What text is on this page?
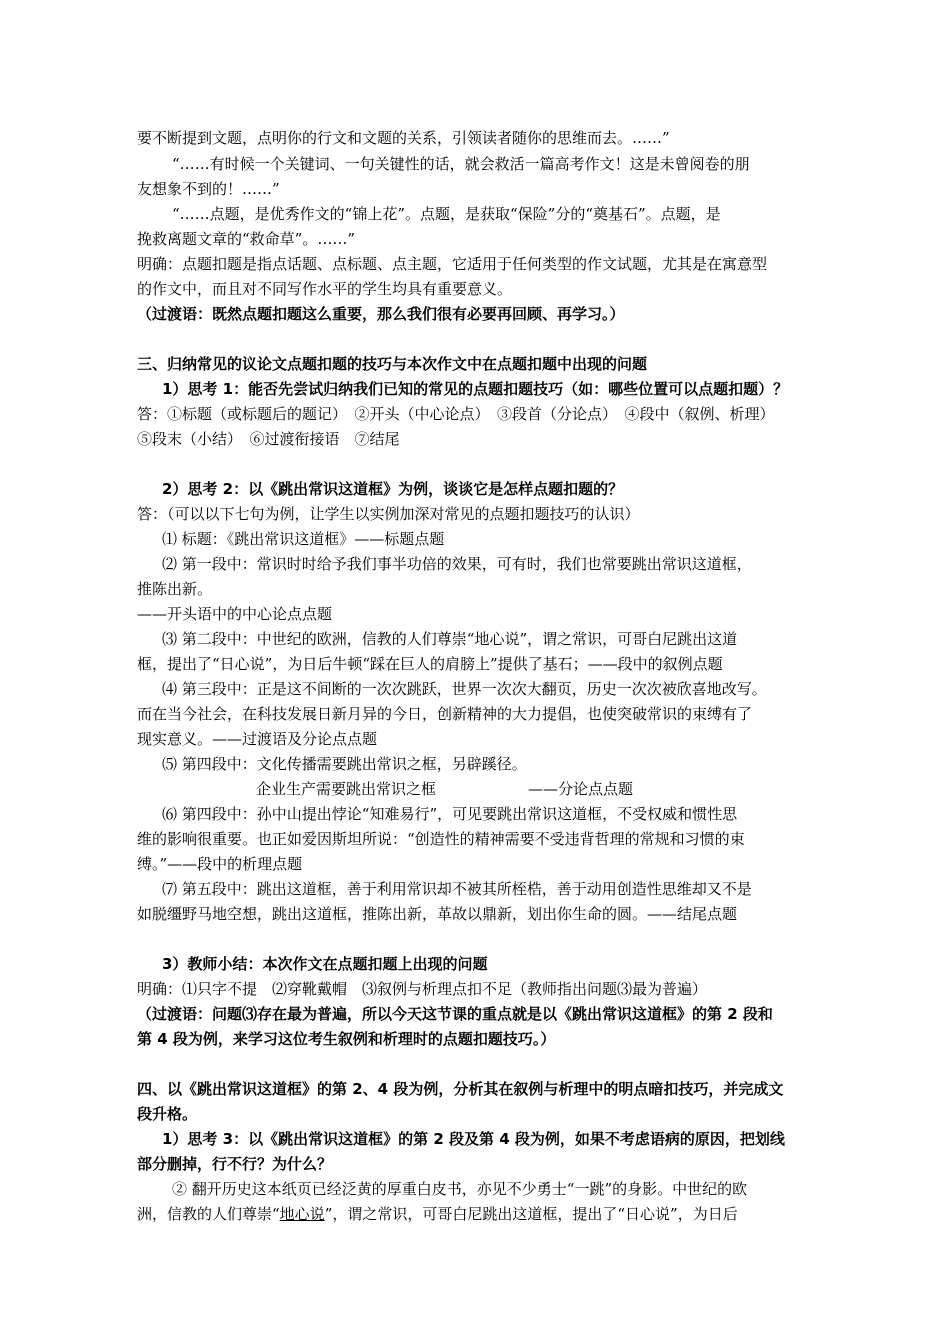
要不断提到文题，点明你的行文和文题的关系，引领读者随你的思维而去。……”
“……有时候一个关键词、一句关键性的话，就会救活一篇高考作文！这是未曾阅卷的朋
友想象不到的！……”
“……点题，是优秀作文的“锦上花”。点题，是获取“保险”分的“奠基石”。点题，是
挽救离题文章的“救命草”。……”
明确：点题扣题是指点话题、点标题、点主题，它适用于任何类型的作文试题，尤其是在寓意型
的作文中，而且对不同写作水平的学生均具有重要意义。
（过渡语：既然点题扣题这么重要，那么我们很有必要再回顾、再学习。）
三、归纳常见的议论文点题扣题的技巧与本次作文中在点题扣题中出现的问题
1）思考 1：能否先尝试归纳我们已知的常见的点题扣题技巧（如：哪些位置可以点题扣题）？
答：①标题（或标题后的题记）　②开头（中心论点）　③段首（分论点）　④段中（叙例、析理）
⑤段末（小结）　⑥过渡衔接语　⑦结尾
2）思考 2：以《跳出常识这道框》为例，谈谈它是怎样点题扣题的？
答：（可以以下七句为例，让学生以实例加深对常见的点题扣题技巧的认识）
⑴ 标题：《跳出常识这道框》——标题点题
⑵ 第一段中：常识时时给予我们事半功倍的效果，可有时，我们也常要跳出常识这道框，
推陈出新。
——开头语中的中心论点点题
⑶ 第二段中：中世纪的欧洲，信教的人们尊崇“地心说”，谓之常识，可哥白尼跳出这道
框，提出了“日心说”，为日后牛顿“踩在巨人的肩膀上”提供了基石；——段中的叙例点题
⑷ 第三段中：正是这不间断的一次次跳跃，世界一次次大翻页，历史一次次被欣喜地改写。
而在当今社会，在科技发展日新月异的今日，创新精神的大力提倡，也使突破常识的束缚有了
现实意义。——过渡语及分论点点题
⑸ 第四段中：文化传播需要跳出常识之框，另辟蹊径。
企业生产需要跳出常识之框	——分论点点题
⑹ 第四段中：孙中山提出悖论“知难易行”，可见要跳出常识这道框，不受权威和惯性思
维的影响很重要。也正如爱因斯坦所说：“创造性的精神需要不受违背哲理的常规和习惯的束
缚。”——段中的析理点题
⑺ 第五段中：跳出这道框，善于利用常识却不被其所桎梏，善于动用创造性思维却又不是
如脱缰野马地空想，跳出这道框，推陈出新，革故以鼎新，划出你生命的圆。——结尾点题
3）教师小结：本次作文在点题扣题上出现的问题
明确：⑴只字不提　⑵穿靴戴帽　⑶叙例与析理点扣不足（教师指出问题⑶最为普遍）
（过渡语：问题⑶存在最为普遍，所以今天这节课的重点就是以《跳出常识这道框》的第 2 段和
第 4 段为例，来学习这位考生叙例和析理时的点题扣题技巧。）
四、以《跳出常识这道框》的第 2、4 段为例，分析其在叙例与析理中的明点暗扣技巧，并完成文
段升格。
1）思考 3：以《跳出常识这道框》的第 2 段及第 4 段为例，如果不考虑语病的原因，把划线
部分删掉，行不行？为什么？
② 翻开历史这本纸页已经泛黄的厚重白皮书，亦见不少勇士“一跳”的身影。中世纪的欧
洲，信教的人们尊崇“地心说”，谓之常识，可哥白尼跳出这道框，提出了“日心说”，为日后
